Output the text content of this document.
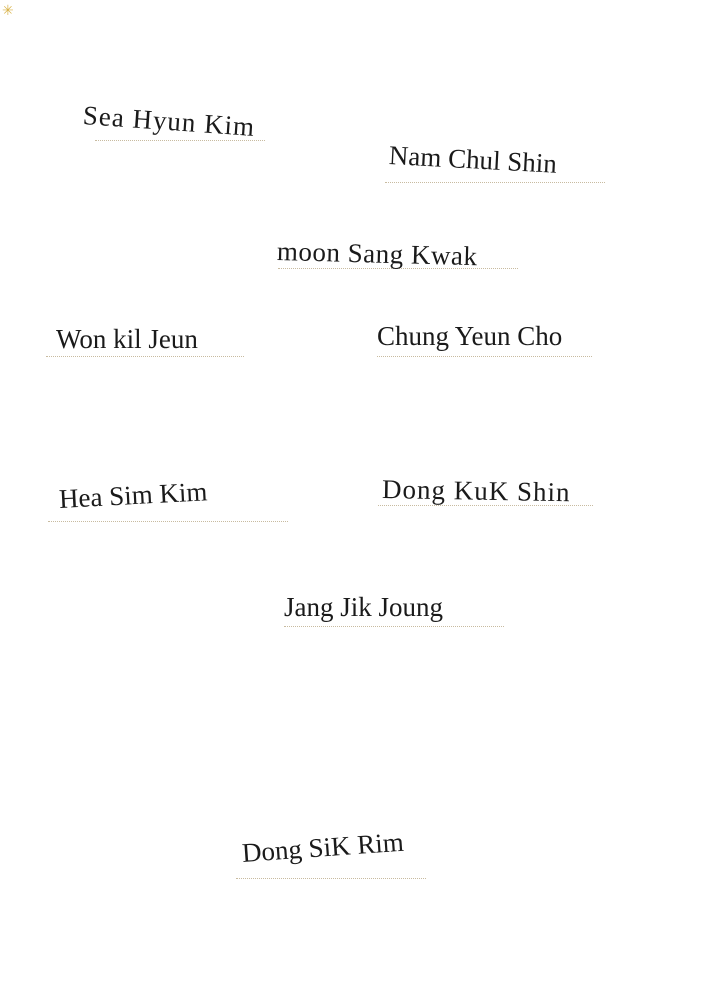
✳
Sea Hyun Kim
Nam Chul Shin
moon Sang Kwak
Won kil Jeun	Chung Yeun Cho
Hea Sim Kim	Dong KuK Shin
Jang Jik Joung
Dong SiK Rim
